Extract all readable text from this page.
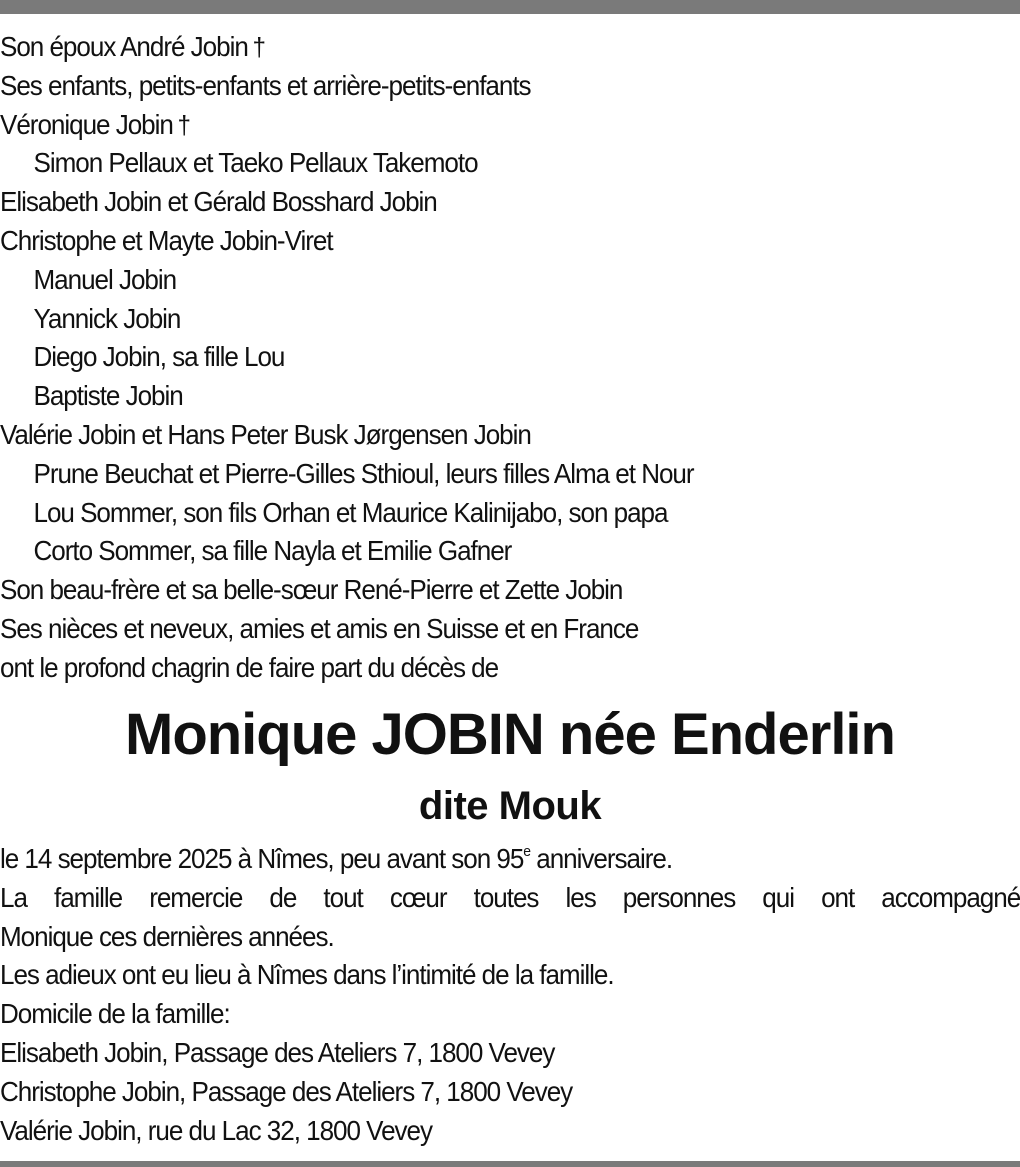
Son époux André Jobin †
Ses enfants, petits-enfants et arrière-petits-enfants
Véronique Jobin †
Simon Pellaux et Taeko Pellaux Takemoto
Elisabeth Jobin et Gérald Bosshard Jobin
Christophe et Mayte Jobin-Viret
Manuel Jobin
Yannick Jobin
Diego Jobin, sa fille Lou
Baptiste Jobin
Valérie Jobin et Hans Peter Busk Jørgensen Jobin
Prune Beuchat et Pierre-Gilles Sthioul, leurs filles Alma et Nour
Lou Sommer, son fils Orhan et Maurice Kalinijabo, son papa
Corto Sommer, sa fille Nayla et Emilie Gafner
Son beau-frère et sa belle-sœur René-Pierre et Zette Jobin
Ses nièces et neveux, amies et amis en Suisse et en France
ont le profond chagrin de faire part du décès de
Monique JOBIN née Enderlin
dite Mouk
le 14 septembre 2025 à Nîmes, peu avant son 95e anniversaire.
La famille remercie de tout cœur toutes les personnes qui ont accompagné
Monique ces dernières années.
Les adieux ont eu lieu à Nîmes dans l’intimité de la famille.
Domicile de la famille:
Elisabeth Jobin, Passage des Ateliers 7, 1800 Vevey
Christophe Jobin, Passage des Ateliers 7, 1800 Vevey
Valérie Jobin, rue du Lac 32, 1800 Vevey
